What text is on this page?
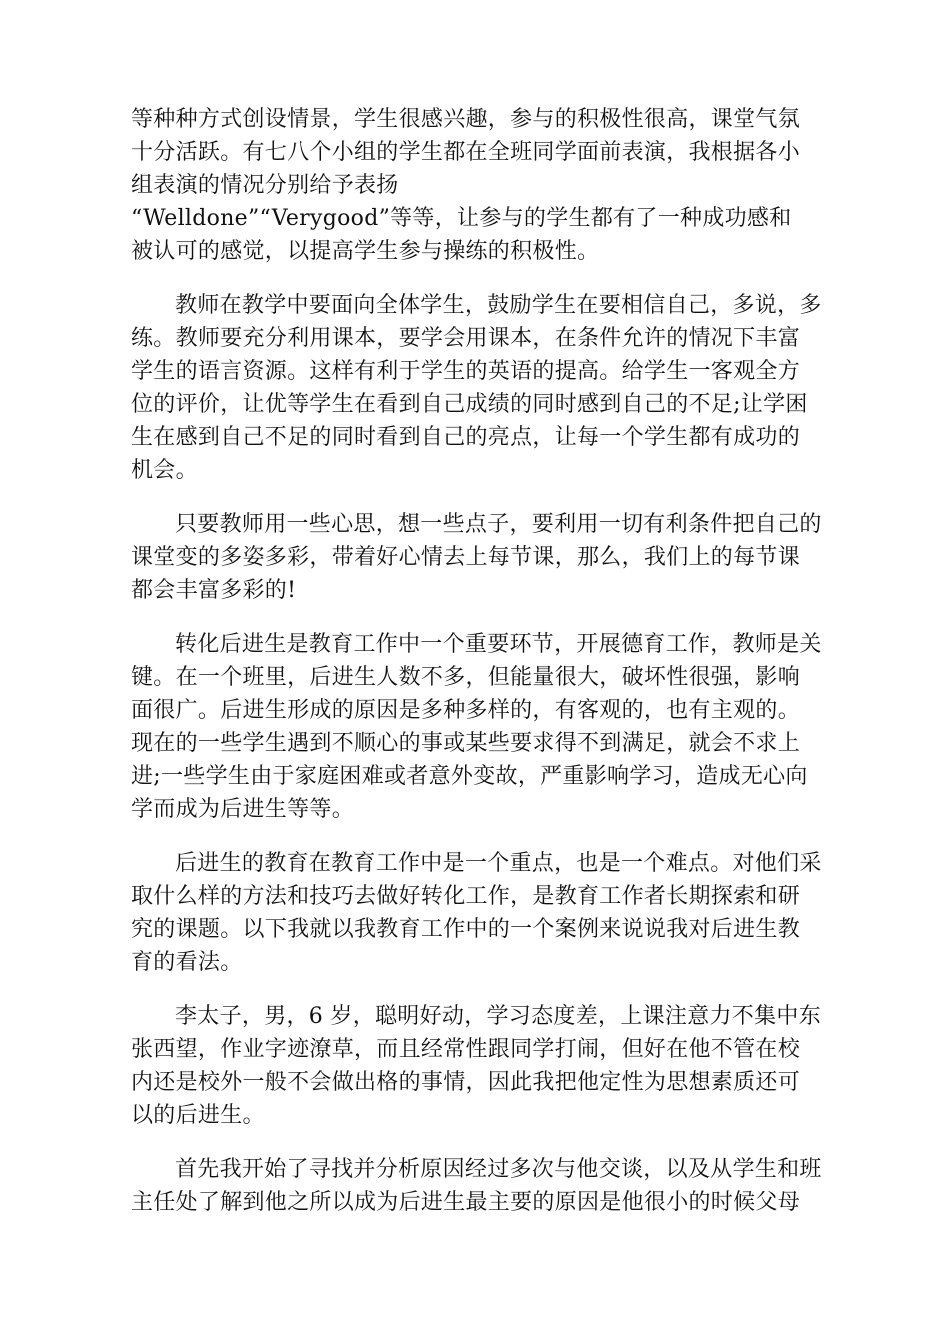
等种种方式创设情景，学生很感兴趣，参与的积极性很高，课堂气氛
十分活跃。有七八个小组的学生都在全班同学面前表演，我根据各小
组表演的情况分别给予表扬
“Welldone”“Verygood”等等，让参与的学生都有了一种成功感和
被认可的感觉，以提高学生参与操练的积极性。

教师在教学中要面向全体学生，鼓励学生在要相信自己，多说，多
练。教师要充分利用课本，要学会用课本，在条件允许的情况下丰富
学生的语言资源。这样有利于学生的英语的提高。给学生一客观全方
位的评价，让优等学生在看到自己成绩的同时感到自己的不足;让学困
生在感到自己不足的同时看到自己的亮点，让每一个学生都有成功的
机会。

只要教师用一些心思，想一些点子，要利用一切有利条件把自己的
课堂变的多姿多彩，带着好心情去上每节课，那么，我们上的每节课
都会丰富多彩的!

转化后进生是教育工作中一个重要环节，开展德育工作，教师是关
键。在一个班里，后进生人数不多，但能量很大，破坏性很强，影响
面很广。后进生形成的原因是多种多样的，有客观的，也有主观的。
现在的一些学生遇到不顺心的事或某些要求得不到满足，就会不求上
进;一些学生由于家庭困难或者意外变故，严重影响学习，造成无心向
学而成为后进生等等。

后进生的教育在教育工作中是一个重点，也是一个难点。对他们采
取什么样的方法和技巧去做好转化工作，是教育工作者长期探索和研
究的课题。以下我就以我教育工作中的一个案例来说说我对后进生教
育的看法。

李太子，男，6 岁，聪明好动，学习态度差，上课注意力不集中东
张西望，作业字迹潦草，而且经常性跟同学打闹，但好在他不管在校
内还是校外一般不会做出格的事情，因此我把他定性为思想素质还可
以的后进生。

首先我开始了寻找并分析原因经过多次与他交谈，以及从学生和班
主任处了解到他之所以成为后进生最主要的原因是他很小的时候父母
